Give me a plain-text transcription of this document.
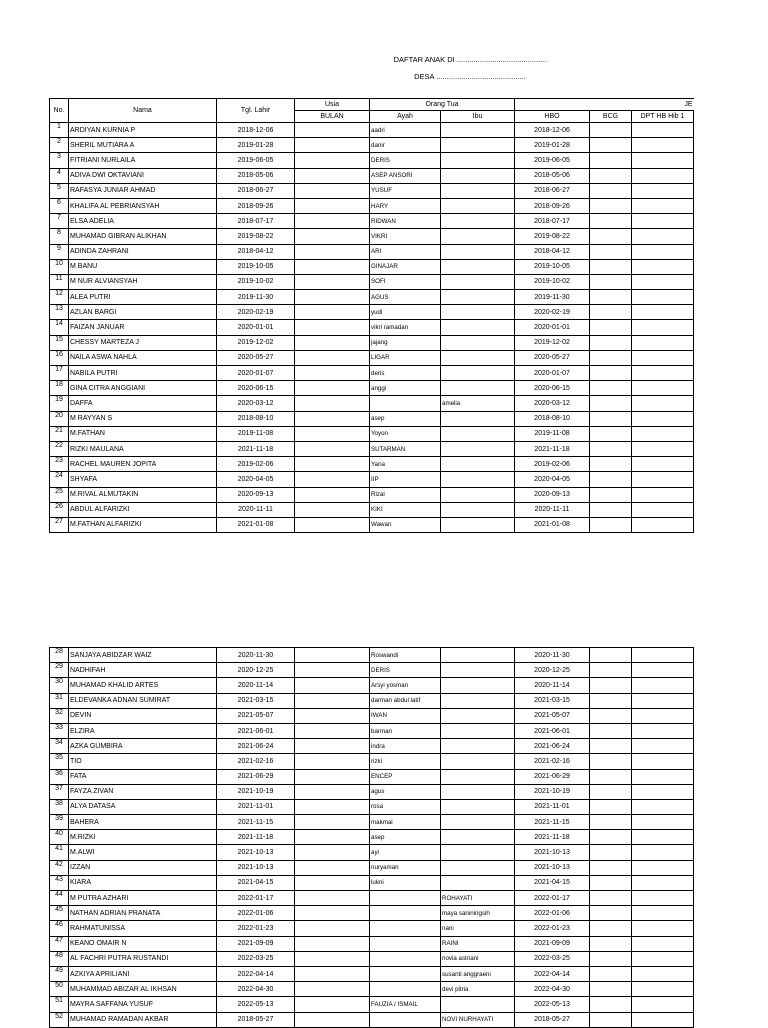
DAFTAR ANAK DI ...........................................
DESA ...........................................
No.	Nama	Tgl. Lahir	Usia	Orang Tua		JE		
			BULAN	Ayah	Ibu	HBO	BCG	DPT HB Hib 1
1	ARDIYAN KURNIA P	2018-12-06		aadri		2018-12-06		
2	SHERIL MUTIARA A	2019-01-28		danir		2019-01-28		
3	FITRIANI NURLAILA	2019-06-05		DERIS		2019-06-05		
4	ADIVA DWI OKTAVIANI	2018-05-06		ASEP ANSORI		2018-05-06		
5	RAFASYA JUNIAR AHMAD	2018-06-27		YUSUF		2018-06-27		
6	KHALIFA AL PEBRIANSYAH	2018-09-26		HARY		2018-09-26		
7	ELSA ADELIA	2018-07-17		RIDWAN		2018-07-17		
8	MUHAMAD GIBRAN ALIKHAN	2019-08-22		VIKRI		2019-08-22		
9	ADINDA ZAHRANI	2018-04-12		ARI		2018-04-12		
10	M BANU	2019-10-05		GINAJAR		2019-10-05		
11	M NUR ALVIANSYAH	2019-10-02		SOFI		2019-10-02		
12	ALEA PUTRI	2019-11-30		AGUS		2019-11-30		
13	AZLAN BARGI	2020-02-19		yudi		2020-02-19		
14	FAIZAN JANUAR	2020-01-01		vikri ramadan		2020-01-01		
15	CHESSY MARTEZA J	2019-12-02		jajang		2019-12-02		
16	NAILA ASWA NAHLA	2020-05-27		LIGAR		2020-05-27		
17	NABILA PUTRI	2020-01-07		deris		2020-01-07		
18	GINA CITRA ANGGIANI	2020-06-15		anggi		2020-06-15		
19	DAFFA	2020-03-12			amelia	2020-03-12		
20	M RAYYAN S	2018-08-10		asep		2018-08-10		
21	M.FATHAN	2019-11-08		Yoyon		2019-11-08		
22	RIZKI MAULANA	2021-11-18		SUTARMAN		2021-11-18		
23	RACHEL MAUREN JOPITA	2019-02-06		Yana		2019-02-06		
24	SHYAFA	2020-04-05		IIP		2020-04-05		
25	M.RIVAL ALMUTAKIN	2020-09-13		Rizal		2020-09-13		
26	ABDUL ALFARIZKI	2020-11-11		KIKI		2020-11-11		
27	M.FATHAN ALFARIZKI	2021-01-08		Wawan		2021-01-08		
28	SANJAYA ABIDZAR WAIZ	2020-11-30		Roswandi		2020-11-30		
29	NADHIFAH	2020-12-25		DERIS		2020-12-25		
30	MUHAMAD KHALID ARTES	2020-11-14		Arsyi yosman		2020-11-14		
31	ELDEVANKA ADNAN SUMIRAT	2021-03-15		darman abdul latif		2021-03-15		
32	DEVIN	2021-05-07		IWAN		2021-05-07		
33	ELZIRA	2021-06-01		barman		2021-06-01		
34	AZKA GUMBIRA	2021-06-24		indra		2021-06-24		
35	TIO	2021-02-16		rizki		2021-02-16		
36	FATA	2021-06-29		ENCEP		2021-06-29		
37	FAYZA ZIVAN	2021-10-19		agus		2021-10-19		
38	ALYA DATASA	2021-11-01		rosa		2021-11-01		
39	BAHERA	2021-11-15		makmal		2021-11-15		
40	M.RIZKI	2021-11-18		asep		2021-11-18		
41	M.ALWI	2021-10-13		ayi		2021-10-13		
42	IZZAN	2021-10-13		nuryaman		2021-10-13		
43	KIARA	2021-04-15		lukni		2021-04-15		
44	M PUTRA AZHARI	2022-01-17			ROHAYATI	2022-01-17		
45	NATHAN ADRIAN PRANATA	2022-01-06			maya saniningsih	2022-01-06		
46	RAHMATUNISSA	2022-01-23			nani	2022-01-23		
47	KEANO OMAIR N	2021-09-09			RAINI	2021-09-09		
48	AL FACHRI PUTRA RUSTANDI	2022-03-25			novia astriani	2022-03-25		
49	AZKIYA APRILIANI	2022-04-14			susanti anggraeni	2022-04-14		
50	MUHAMMAD ABIZAR AL IKHSAN	2022-04-30			devi pitria	2022-04-30		
51	MAYRA SAFFANA YUSUF	2022-05-13		FAUZIA / ISMAIL		2022-05-13		
52	MUHAMAD RAMADAN AKBAR	2018-05-27			NOVI NURHAYATI	2018-05-27		
